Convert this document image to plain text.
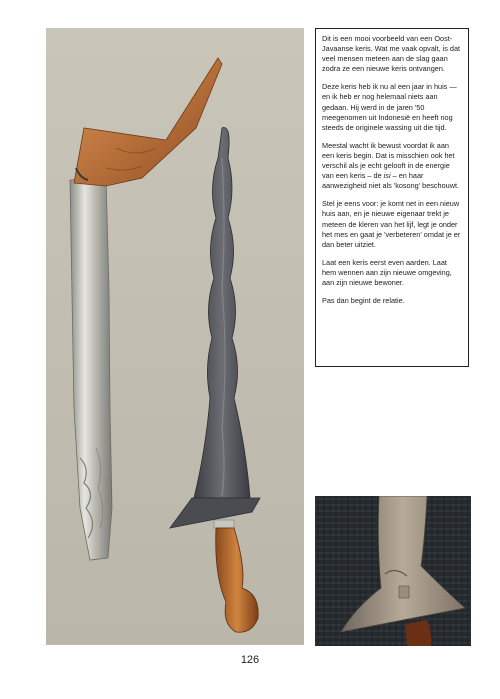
Dit is een mooi voorbeeld van een Oost-Javaanse keris. Wat me vaak opvalt, is dat veel mensen meteen aan de slag gaan zodra ze een nieuwe keris ontvangen.

Deze keris heb ik nu al een jaar in huis — en ik heb er nog helemaal niets aan gedaan. Hij werd in de jaren '50 meegenomen uit Indonesië en heeft nog steeds de originele wassing uit die tijd.

Meestal wacht ik bewust voordat ik aan een keris begin. Dat is misschien ook het verschil als je echt gelooft in de energie van een keris – de isi – en haar aanwezigheid niet als 'kosong' beschouwt.

Stel je eens voor: je komt net in een nieuw huis aan, en je nieuwe eigenaar trekt je meteen de kleren van het lijf, legt je onder het mes en gaat je 'verbeteren' omdat je er dan beter uitziet.

Laat een keris eerst even aarden. Laat hem wennen aan zijn nieuwe omgeving, aan zijn nieuwe bewoner.

Pas dan begint de relatie.

126
